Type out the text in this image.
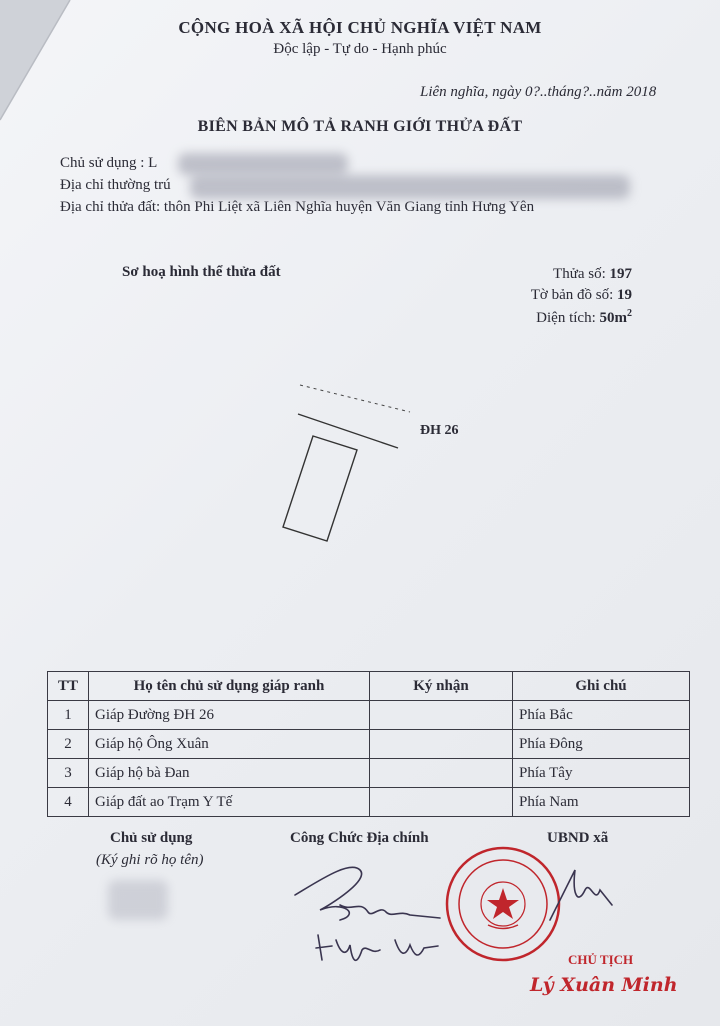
CỘNG HOÀ XÃ HỘI CHỦ NGHĨA VIỆT NAM
Độc lập - Tự do - Hạnh phúc
Liên nghĩa, ngày 0?..tháng?..năm 2018
BIÊN BẢN MÔ TẢ RANH GIỚI THỬA ĐẤT
Chủ sử dụng : L
Địa chỉ thường trú
Địa chỉ thửa đất: thôn Phi Liệt xã Liên Nghĩa huyện Văn Giang tỉnh Hưng Yên
Sơ hoạ hình thể thửa đất	Thửa số: 197
Tờ bản đồ số: 19
Diện tích: $50m^2$
ĐH 26
TT	Họ tên chủ sử dụng giáp ranh	Ký nhận	Ghi chú
1	Giáp Đường ĐH 26		Phía Bắc
2	Giáp hộ Ông Xuân		Phía Đông
3	Giáp hộ bà Đan		Phía Tây
4	Giáp đất ao Trạm Y Tế		Phía Nam
Chủ sử dụng
(Ký ghi rõ họ tên)
Công Chức Địa chính	UBND xã
CHỦ TỊCH
Lý Xuân Minh
